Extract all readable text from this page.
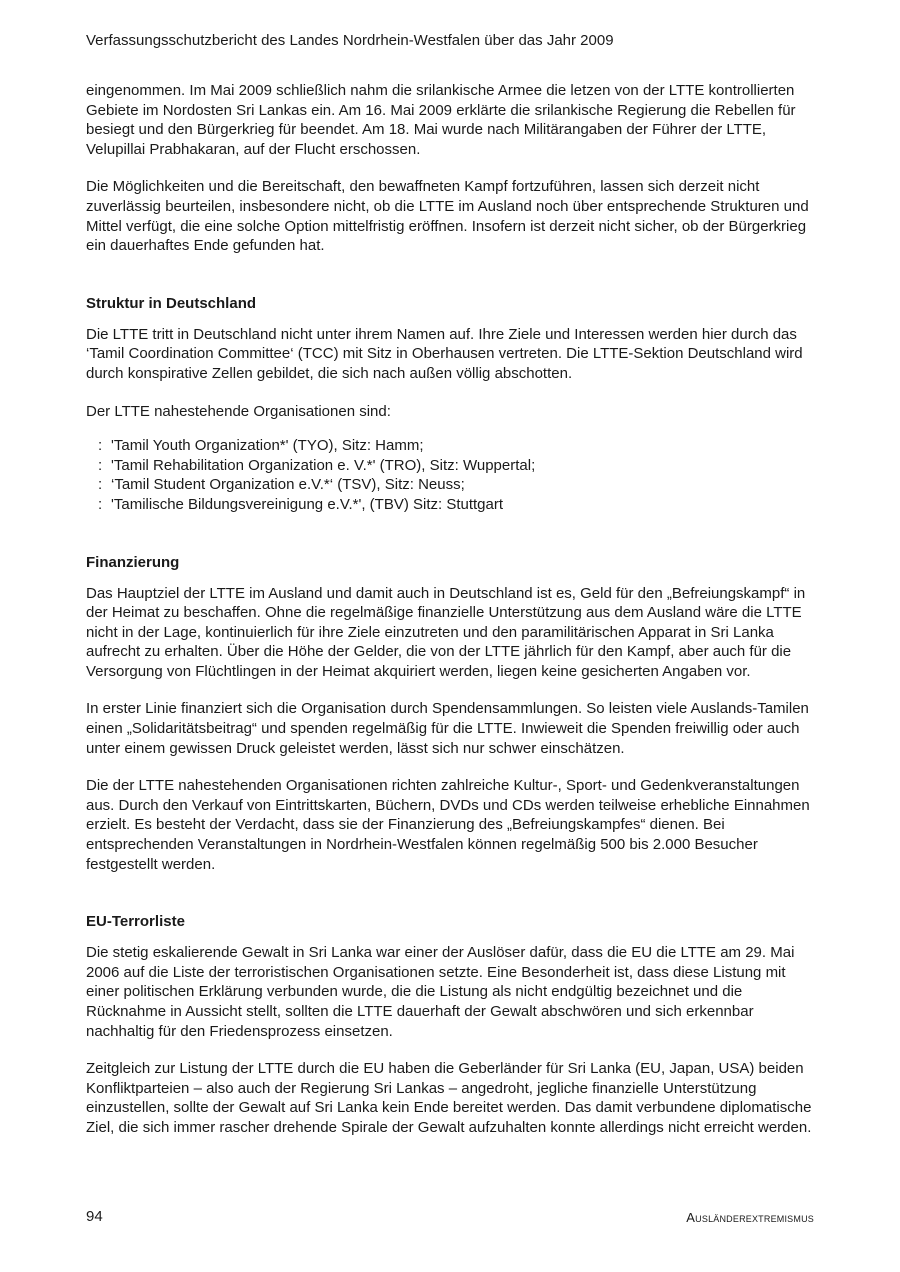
Verfassungsschutzbericht des Landes Nordrhein-Westfalen über das Jahr 2009

eingenommen. Im Mai 2009 schließlich nahm die srilankische Armee die letzen von der LTTE kontrollierten Gebiete im Nordosten Sri Lankas ein. Am 16. Mai 2009 erklärte die srilankische Regierung die Rebellen für besiegt und den Bürgerkrieg für beendet. Am 18. Mai wurde nach Militärangaben der Führer der LTTE, Velupillai Prabhakaran, auf der Flucht erschossen.

Die Möglichkeiten und die Bereitschaft, den bewaffneten Kampf fortzuführen, lassen sich derzeit nicht zuverlässig beurteilen, insbesondere nicht, ob die LTTE im Ausland noch über entsprechende Strukturen und Mittel verfügt, die eine solche Option mittelfristig eröffnen. Insofern ist derzeit nicht sicher, ob der Bürgerkrieg ein dauerhaftes Ende gefunden hat.

Struktur in Deutschland

Die LTTE tritt in Deutschland nicht unter ihrem Namen auf. Ihre Ziele und Interessen werden hier durch das ‘Tamil Coordination Committee‘ (TCC) mit Sitz in Oberhausen vertreten. Die LTTE-Sektion Deutschland wird durch konspirative Zellen gebildet, die sich nach außen völlig abschotten.

Der LTTE nahestehende Organisationen sind:

: 'Tamil Youth Organization*' (TYO), Sitz: Hamm;
: 'Tamil Rehabilitation Organization e. V.*' (TRO), Sitz: Wuppertal;
: ‘Tamil Student Organization e.V.*‘ (TSV), Sitz: Neuss;
: 'Tamilische Bildungsvereinigung e.V.*', (TBV) Sitz: Stuttgart
Finanzierung

Das Hauptziel der LTTE im Ausland und damit auch in Deutschland ist es, Geld für den „Befreiungskampf“ in der Heimat zu beschaffen. Ohne die regelmäßige finanzielle Unterstützung aus dem Ausland wäre die LTTE nicht in der Lage, kontinuierlich für ihre Ziele einzutreten und den paramilitärischen Apparat in Sri Lanka aufrecht zu erhalten. Über die Höhe der Gelder, die von der LTTE jährlich für den Kampf, aber auch für die Versorgung von Flüchtlingen in der Heimat akquiriert werden, liegen keine gesicherten Angaben vor.

In erster Linie finanziert sich die Organisation durch Spendensammlungen. So leisten viele Auslands-Tamilen einen „Solidaritätsbeitrag“ und spenden regelmäßig für die LTTE. Inwieweit die Spenden freiwillig oder auch unter einem gewissen Druck geleistet werden, lässt sich nur schwer einschätzen.

Die der LTTE nahestehenden Organisationen richten zahlreiche Kultur-, Sport- und Gedenkveranstaltungen aus. Durch den Verkauf von Eintrittskarten, Büchern, DVDs und CDs werden teilweise erhebliche Einnahmen erzielt. Es besteht der Verdacht, dass sie der Finanzierung des „Befreiungskampfes“ dienen. Bei entsprechenden Veranstaltungen in Nordrhein-Westfalen können regelmäßig 500 bis 2.000 Besucher festgestellt werden.

EU-Terrorliste

Die stetig eskalierende Gewalt in Sri Lanka war einer der Auslöser dafür, dass die EU die LTTE am 29. Mai 2006 auf die Liste der terroristischen Organisationen setzte. Eine Besonderheit ist, dass diese Listung mit einer politischen Erklärung verbunden wurde, die die Listung als nicht endgültig bezeichnet und die Rücknahme in Aussicht stellt, sollten die LTTE dauerhaft der Gewalt abschwören und sich erkennbar nachhaltig für den Friedensprozess einsetzen.

Zeitgleich zur Listung der LTTE durch die EU haben die Geberländer für Sri Lanka (EU, Japan, USA) beiden Konfliktparteien – also auch der Regierung Sri Lankas – angedroht, jegliche finanzielle Unterstützung einzustellen, sollte der Gewalt auf Sri Lanka kein Ende bereitet werden. Das damit verbundene diplomatische Ziel, die sich immer rascher drehende Spirale der Gewalt aufzuhalten konnte allerdings nicht erreicht werden.

94	Ausländerextremismus
